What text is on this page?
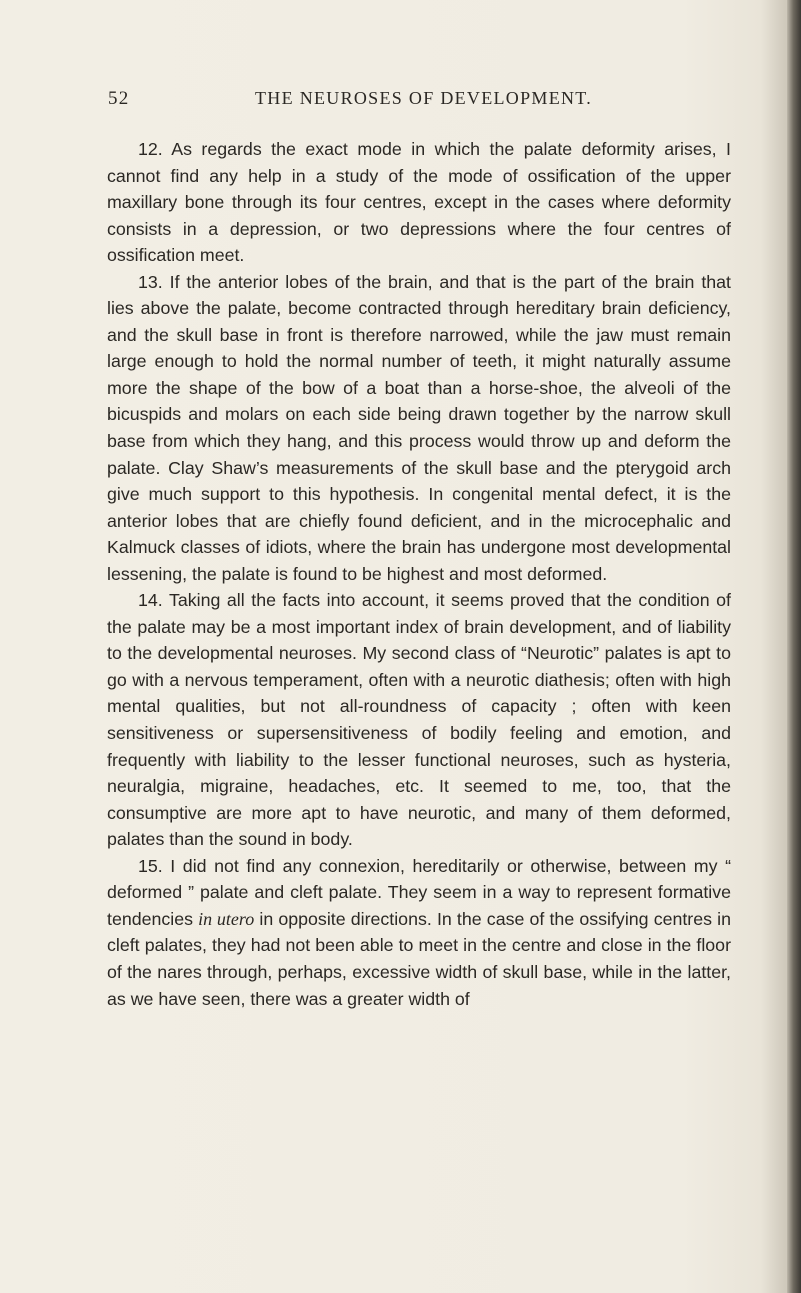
52	THE NEUROSES OF DEVELOPMENT.

12. As regards the exact mode in which the palate deformity arises, I cannot find any help in a study of the mode of ossification of the upper maxillary bone through its four centres, except in the cases where deformity consists in a depression, or two depressions where the four centres of ossification meet.

13. If the anterior lobes of the brain, and that is the part of the brain that lies above the palate, become contracted through hereditary brain deficiency, and the skull base in front is therefore narrowed, while the jaw must remain large enough to hold the normal number of teeth, it might naturally assume more the shape of the bow of a boat than a horse-shoe, the alveoli of the bicuspids and molars on each side being drawn together by the narrow skull base from which they hang, and this process would throw up and deform the palate. Clay Shaw’s measurements of the skull base and the pterygoid arch give much support to this hypothesis. In congenital mental defect, it is the anterior lobes that are chiefly found deficient, and in the microcephalic and Kalmuck classes of idiots, where the brain has undergone most developmental lessening, the palate is found to be highest and most deformed.

14. Taking all the facts into account, it seems proved that the condition of the palate may be a most important index of brain development, and of liability to the developmental neuroses. My second class of “Neurotic” palates is apt to go with a nervous temperament, often with a neurotic diathesis; often with high mental qualities, but not all-roundness of capacity ; often with keen sensitiveness or supersensitiveness of bodily feeling and emotion, and frequently with liability to the lesser functional neuroses, such as hysteria, neuralgia, migraine, headaches, etc. It seemed to me, too, that the consumptive are more apt to have neurotic, and many of them deformed, palates than the sound in body.

15. I did not find any connexion, hereditarily or otherwise, between my “ deformed ” palate and cleft palate. They seem in a way to represent formative tendencies in utero in opposite directions. In the case of the ossifying centres in cleft palates, they had not been able to meet in the centre and close in the floor of the nares through, perhaps, excessive width of skull base, while in the latter, as we have seen, there was a greater width of
